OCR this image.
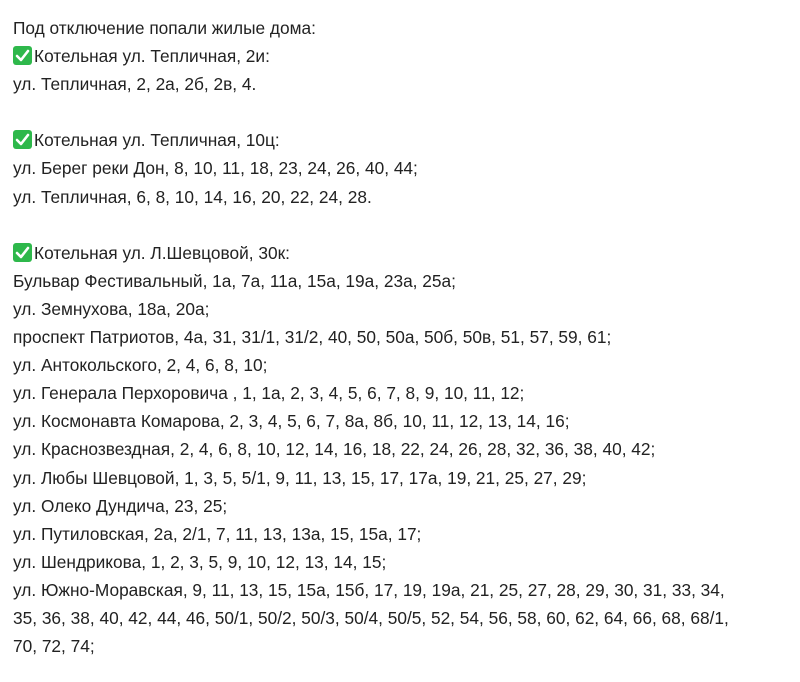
Под отключение попали жилые дома:
Котельная ул. Тепличная, 2и:
ул. Тепличная, 2, 2а, 2б, 2в, 4.
Котельная ул. Тепличная, 10ц:
ул. Берег реки Дон, 8, 10, 11, 18, 23, 24, 26, 40, 44;
ул. Тепличная, 6, 8, 10, 14, 16, 20, 22, 24, 28.
Котельная ул. Л.Шевцовой, 30к:
Бульвар Фестивальный, 1а, 7а, 11а, 15а, 19а, 23а, 25а;
ул. Земнухова, 18а, 20а;
проспект Патриотов, 4а, 31, 31/1, 31/2, 40, 50, 50а, 50б, 50в, 51, 57, 59, 61;
ул. Антокольского, 2, 4, 6, 8, 10;
ул. Генерала Перхоровича , 1, 1а, 2, 3, 4, 5, 6, 7, 8, 9, 10, 11, 12;
ул. Космонавта Комарова, 2, 3, 4, 5, 6, 7, 8а, 8б, 10, 11, 12, 13, 14, 16;
ул. Краснозвездная, 2, 4, 6, 8, 10, 12, 14, 16, 18, 22, 24, 26, 28, 32, 36, 38, 40, 42;
ул. Любы Шевцовой, 1, 3, 5, 5/1, 9, 11, 13, 15, 17, 17а, 19, 21, 25, 27, 29;
ул. Олеко Дундича, 23, 25;
ул. Путиловская, 2а, 2/1, 7, 11, 13, 13а, 15, 15а, 17;
ул. Шендрикова, 1, 2, 3, 5, 9, 10, 12, 13, 14, 15;
ул. Южно-Моравская, 9, 11, 13, 15, 15а, 15б, 17, 19, 19а, 21, 25, 27, 28, 29, 30, 31, 33, 34,
35, 36, 38, 40, 42, 44, 46, 50/1, 50/2, 50/3, 50/4, 50/5, 52, 54, 56, 58, 60, 62, 64, 66, 68, 68/1,
70, 72, 74;
